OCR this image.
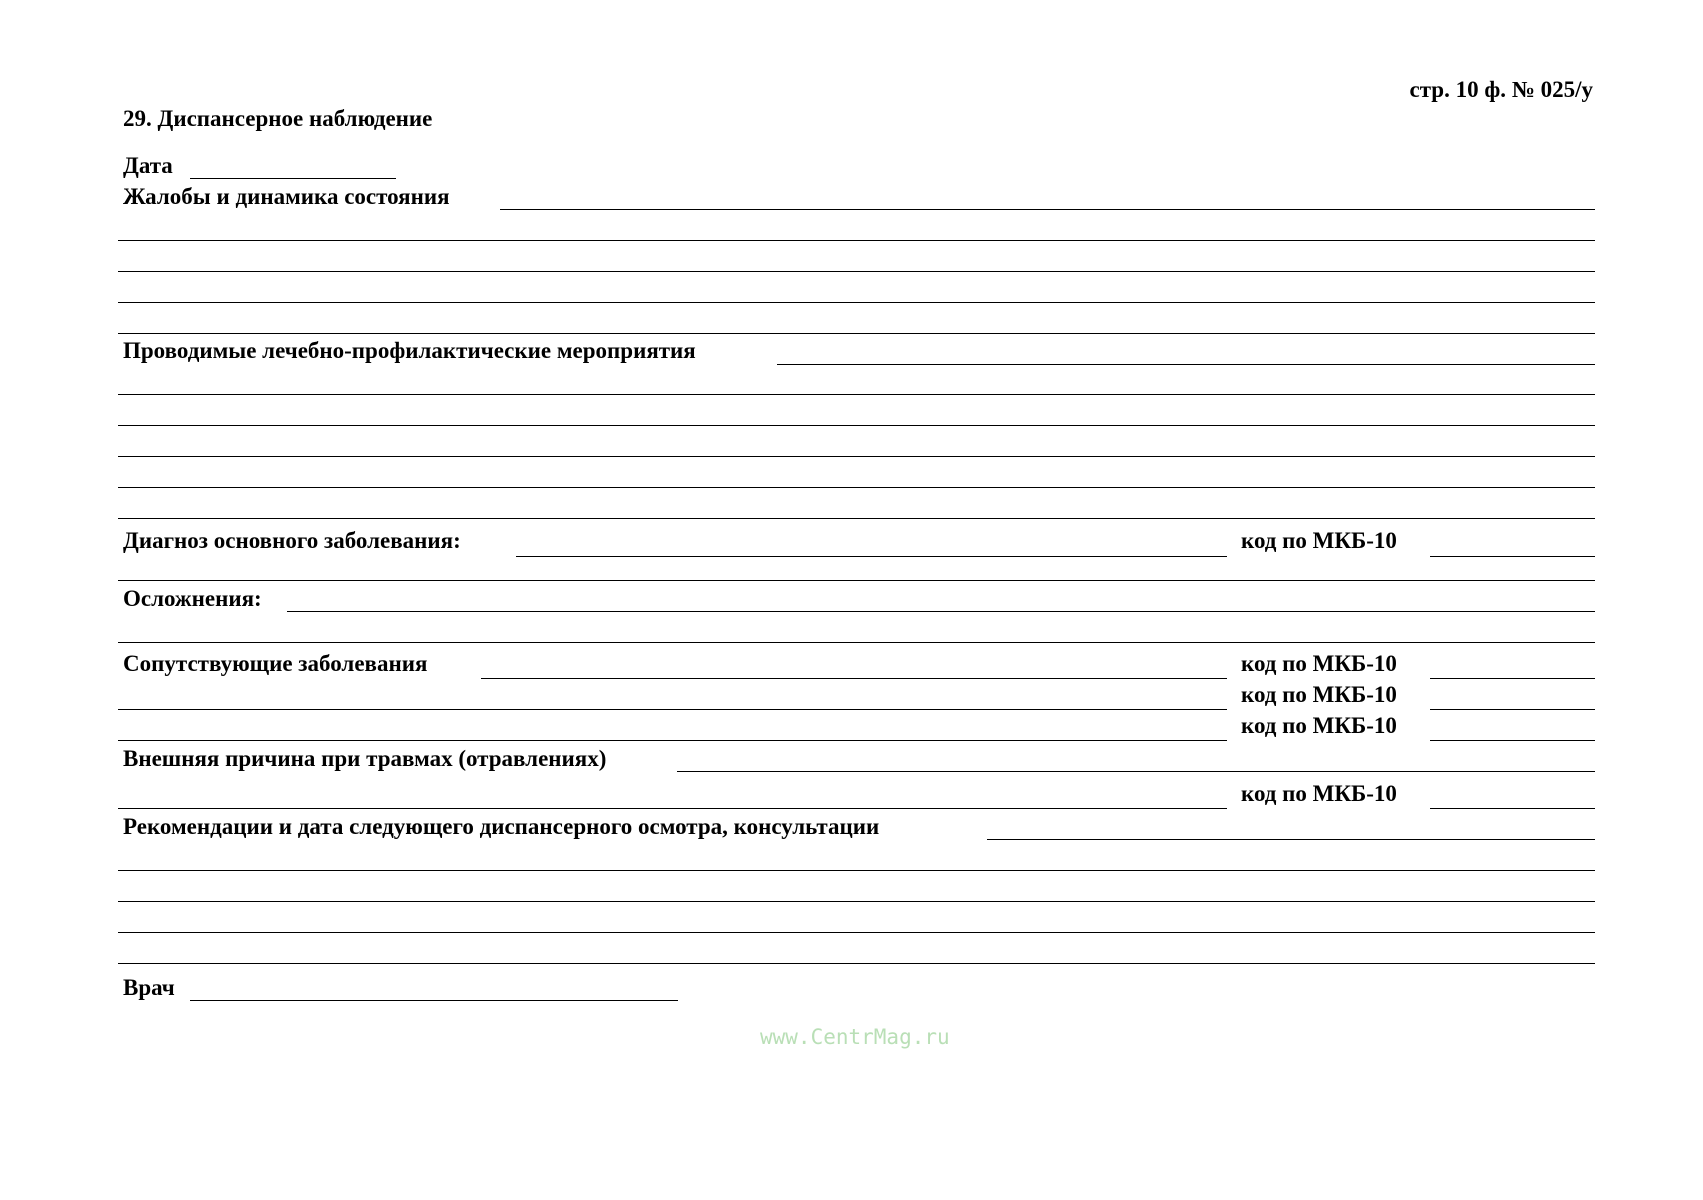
стр. 10 ф. № 025/у
29. Диспансерное наблюдение
Дата
Жалобы и динамика состояния
Проводимые лечебно-профилактические мероприятия
Диагноз основного заболевания:	код по МКБ-10
Осложнения:
Сопутствующие заболевания	код по МКБ-10
код по МКБ-10
код по МКБ-10
Внешняя причина при травмах (отравлениях)
код по МКБ-10
Рекомендации и дата следующего диспансерного осмотра, консультации
Врач
www.CentrMag.ru
